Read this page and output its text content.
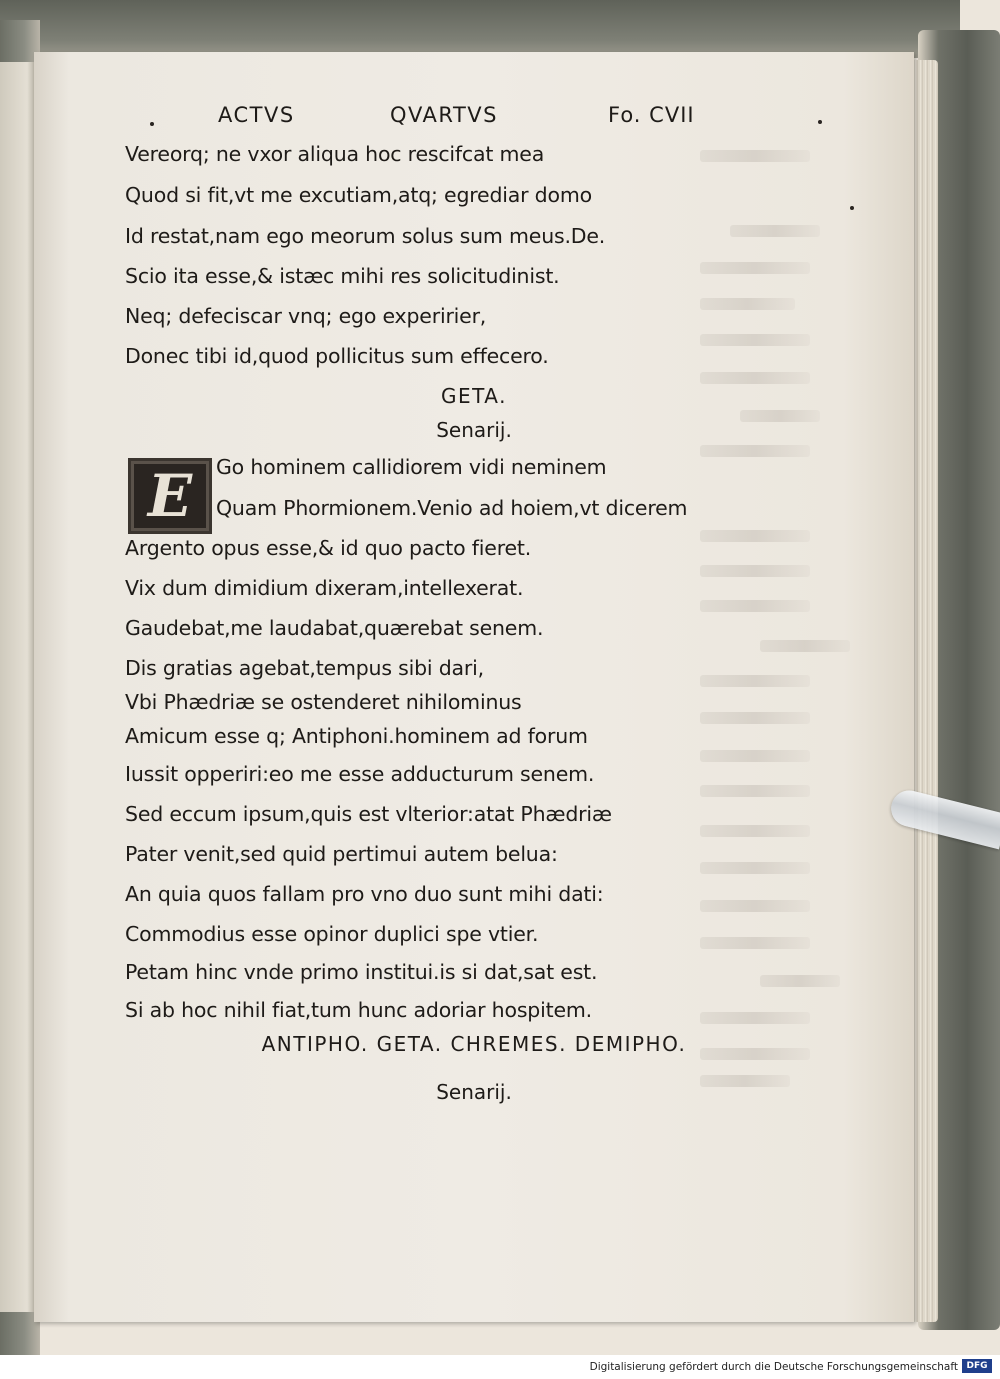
ACTVS	QVARTVS	Fo. CVII
Vereorq; ne vxor aliqua hoc rescifcat mea
Quod si fit,vt me excutiam,atq; egrediar domo
Id restat,nam ego meorum solus sum meus.De.
Scio ita esse,& istæc mihi res solicitudinist.
Neq; defeciscar vnq; ego experirier,
Donec tibi id,quod pollicitus sum effecero.
GETA.
Senarij.
E	Go hominem callidiorem vidi neminem
Quam Phormionem.Venio ad hoiem,vt dicerem
Argento opus esse,& id quo pacto fieret.
Vix dum dimidium dixeram,intellexerat.
Gaudebat,me laudabat,quærebat senem.
Dis gratias agebat,tempus sibi dari,
Vbi Phædriæ se ostenderet nihilominus
Amicum esse q; Antiphoni.hominem ad forum
Iussit opperiri:eo me esse adducturum senem.
Sed eccum ipsum,quis est vlterior:atat Phædriæ
Pater venit,sed quid pertimui autem belua:
An quia quos fallam pro vno duo sunt mihi dati:
Commodius esse opinor duplici spe vtier.
Petam hinc vnde primo institui.is si dat,sat est.
Si ab hoc nihil fiat,tum hunc adoriar hospitem.
ANTIPHO. GETA. CHREMES. DEMIPHO.
Senarij.
Digitalisierung gefördert durch die Deutsche Forschungsgemeinschaft DFG
